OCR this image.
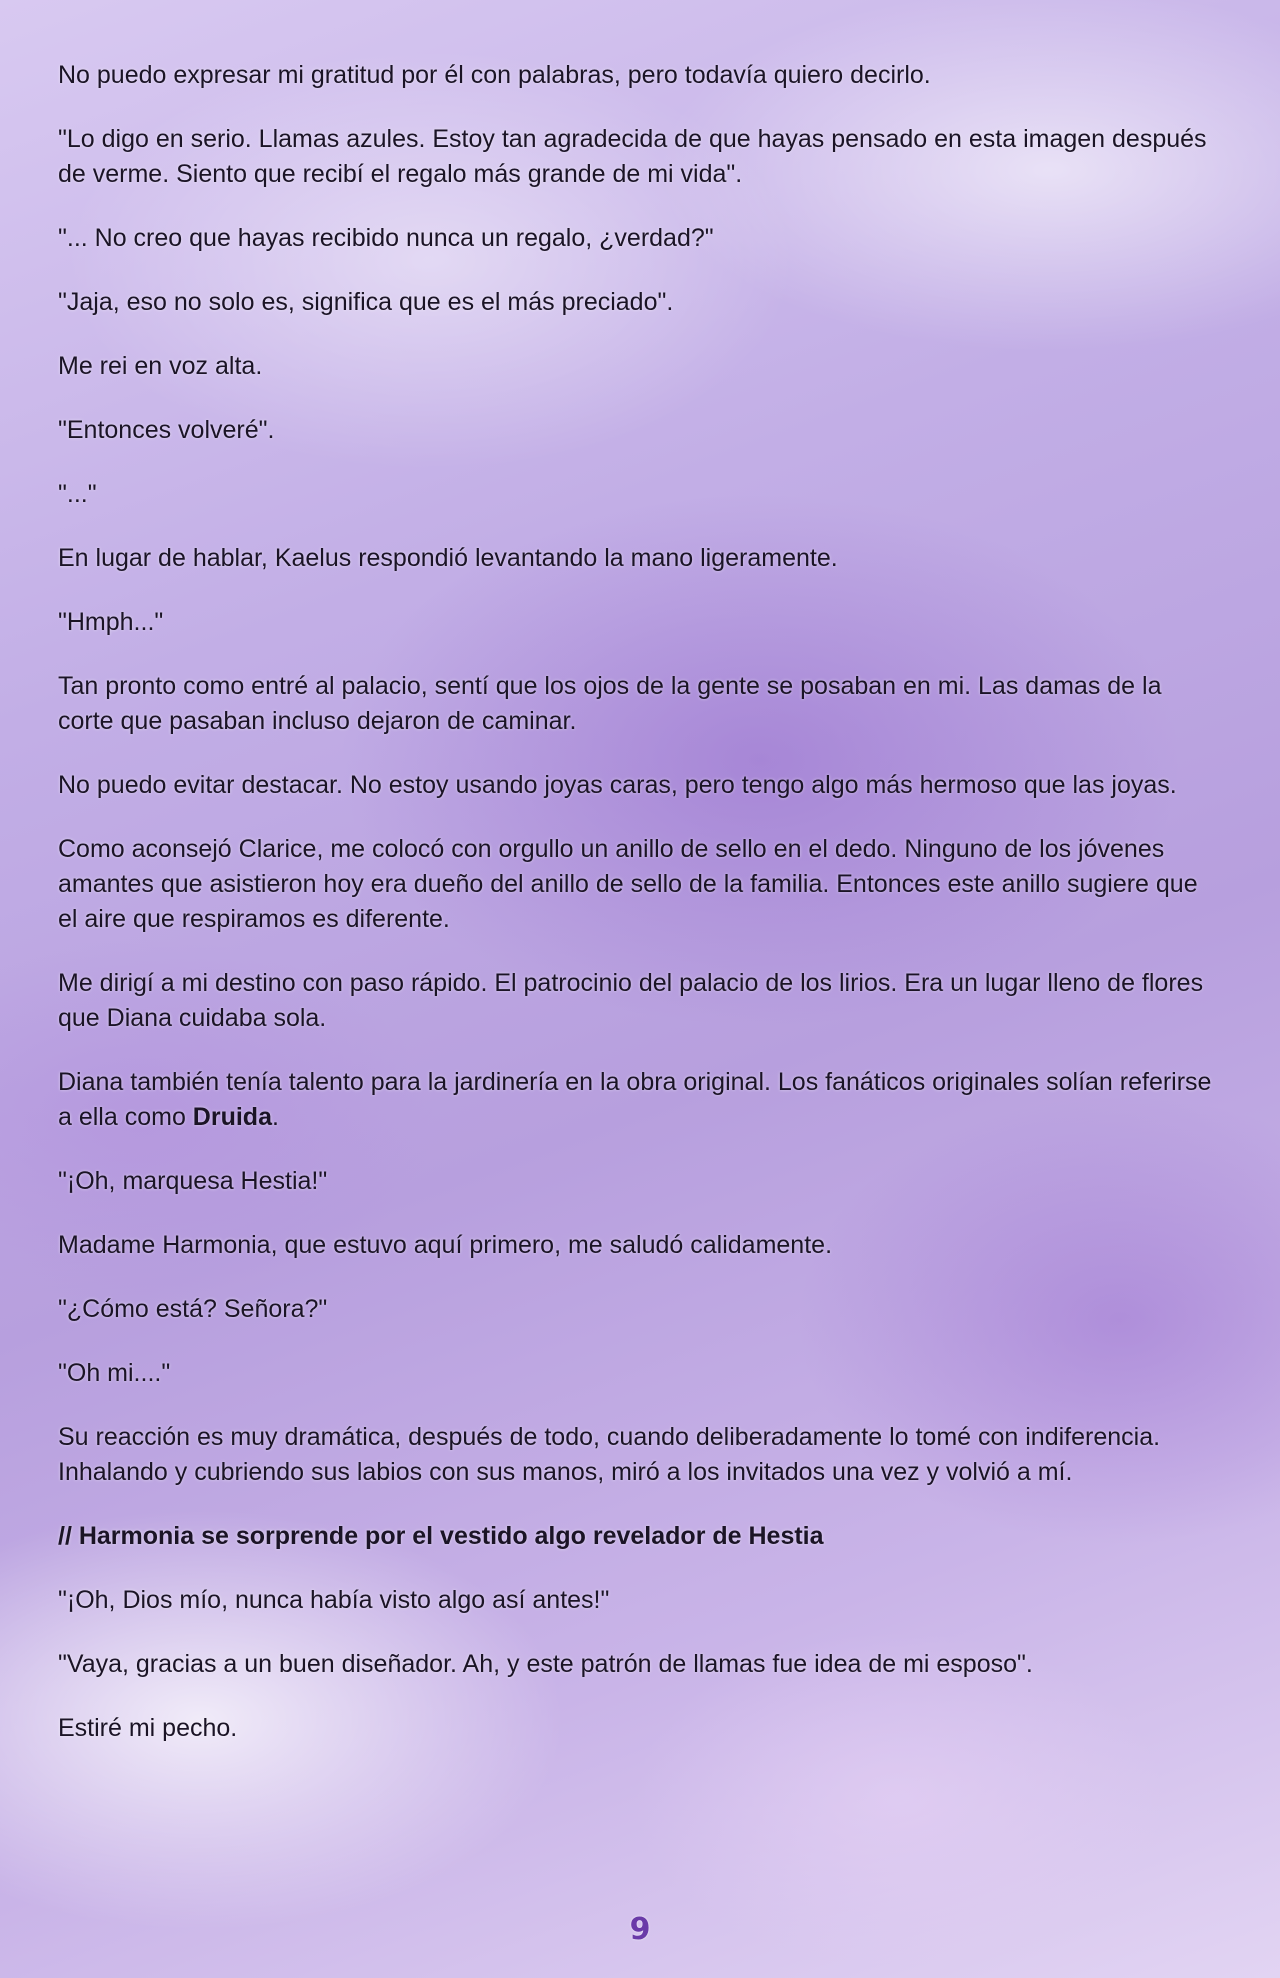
No puedo expresar mi gratitud por él con palabras, pero todavía quiero decirlo.

"Lo digo en serio. Llamas azules. Estoy tan agradecida de que hayas pensado en esta imagen después de verme. Siento que recibí el regalo más grande de mi vida".

"... No creo que hayas recibido nunca un regalo, ¿verdad?"

"Jaja, eso no solo es, significa que es el más preciado".

Me rei en voz alta.

"Entonces volveré".

"..."

En lugar de hablar, Kaelus respondió levantando la mano ligeramente.

"Hmph..."

Tan pronto como entré al palacio, sentí que los ojos de la gente se posaban en mi. Las damas de la corte que pasaban incluso dejaron de caminar.

No puedo evitar destacar. No estoy usando joyas caras, pero tengo algo más hermoso que las joyas.

Como aconsejó Clarice, me colocó con orgullo un anillo de sello en el dedo. Ninguno de los jóvenes amantes que asistieron hoy era dueño del anillo de sello de la familia. Entonces este anillo sugiere que el aire que respiramos es diferente.

Me dirigí a mi destino con paso rápido. El patrocinio del palacio de los lirios. Era un lugar lleno de flores que Diana cuidaba sola.

Diana también tenía talento para la jardinería en la obra original. Los fanáticos originales solían referirse a ella como Druida.

"¡Oh, marquesa Hestia!"

Madame Harmonia, que estuvo aquí primero, me saludó calidamente.

"¿Cómo está? Señora?"

"Oh mi...."

Su reacción es muy dramática, después de todo, cuando deliberadamente lo tomé con indiferencia. Inhalando y cubriendo sus labios con sus manos, miró a los invitados una vez y volvió a mí.

// Harmonia se sorprende por el vestido algo revelador de Hestia

"¡Oh, Dios mío, nunca había visto algo así antes!"

"Vaya, gracias a un buen diseñador. Ah, y este patrón de llamas fue idea de mi esposo".

Estiré mi pecho.

9
